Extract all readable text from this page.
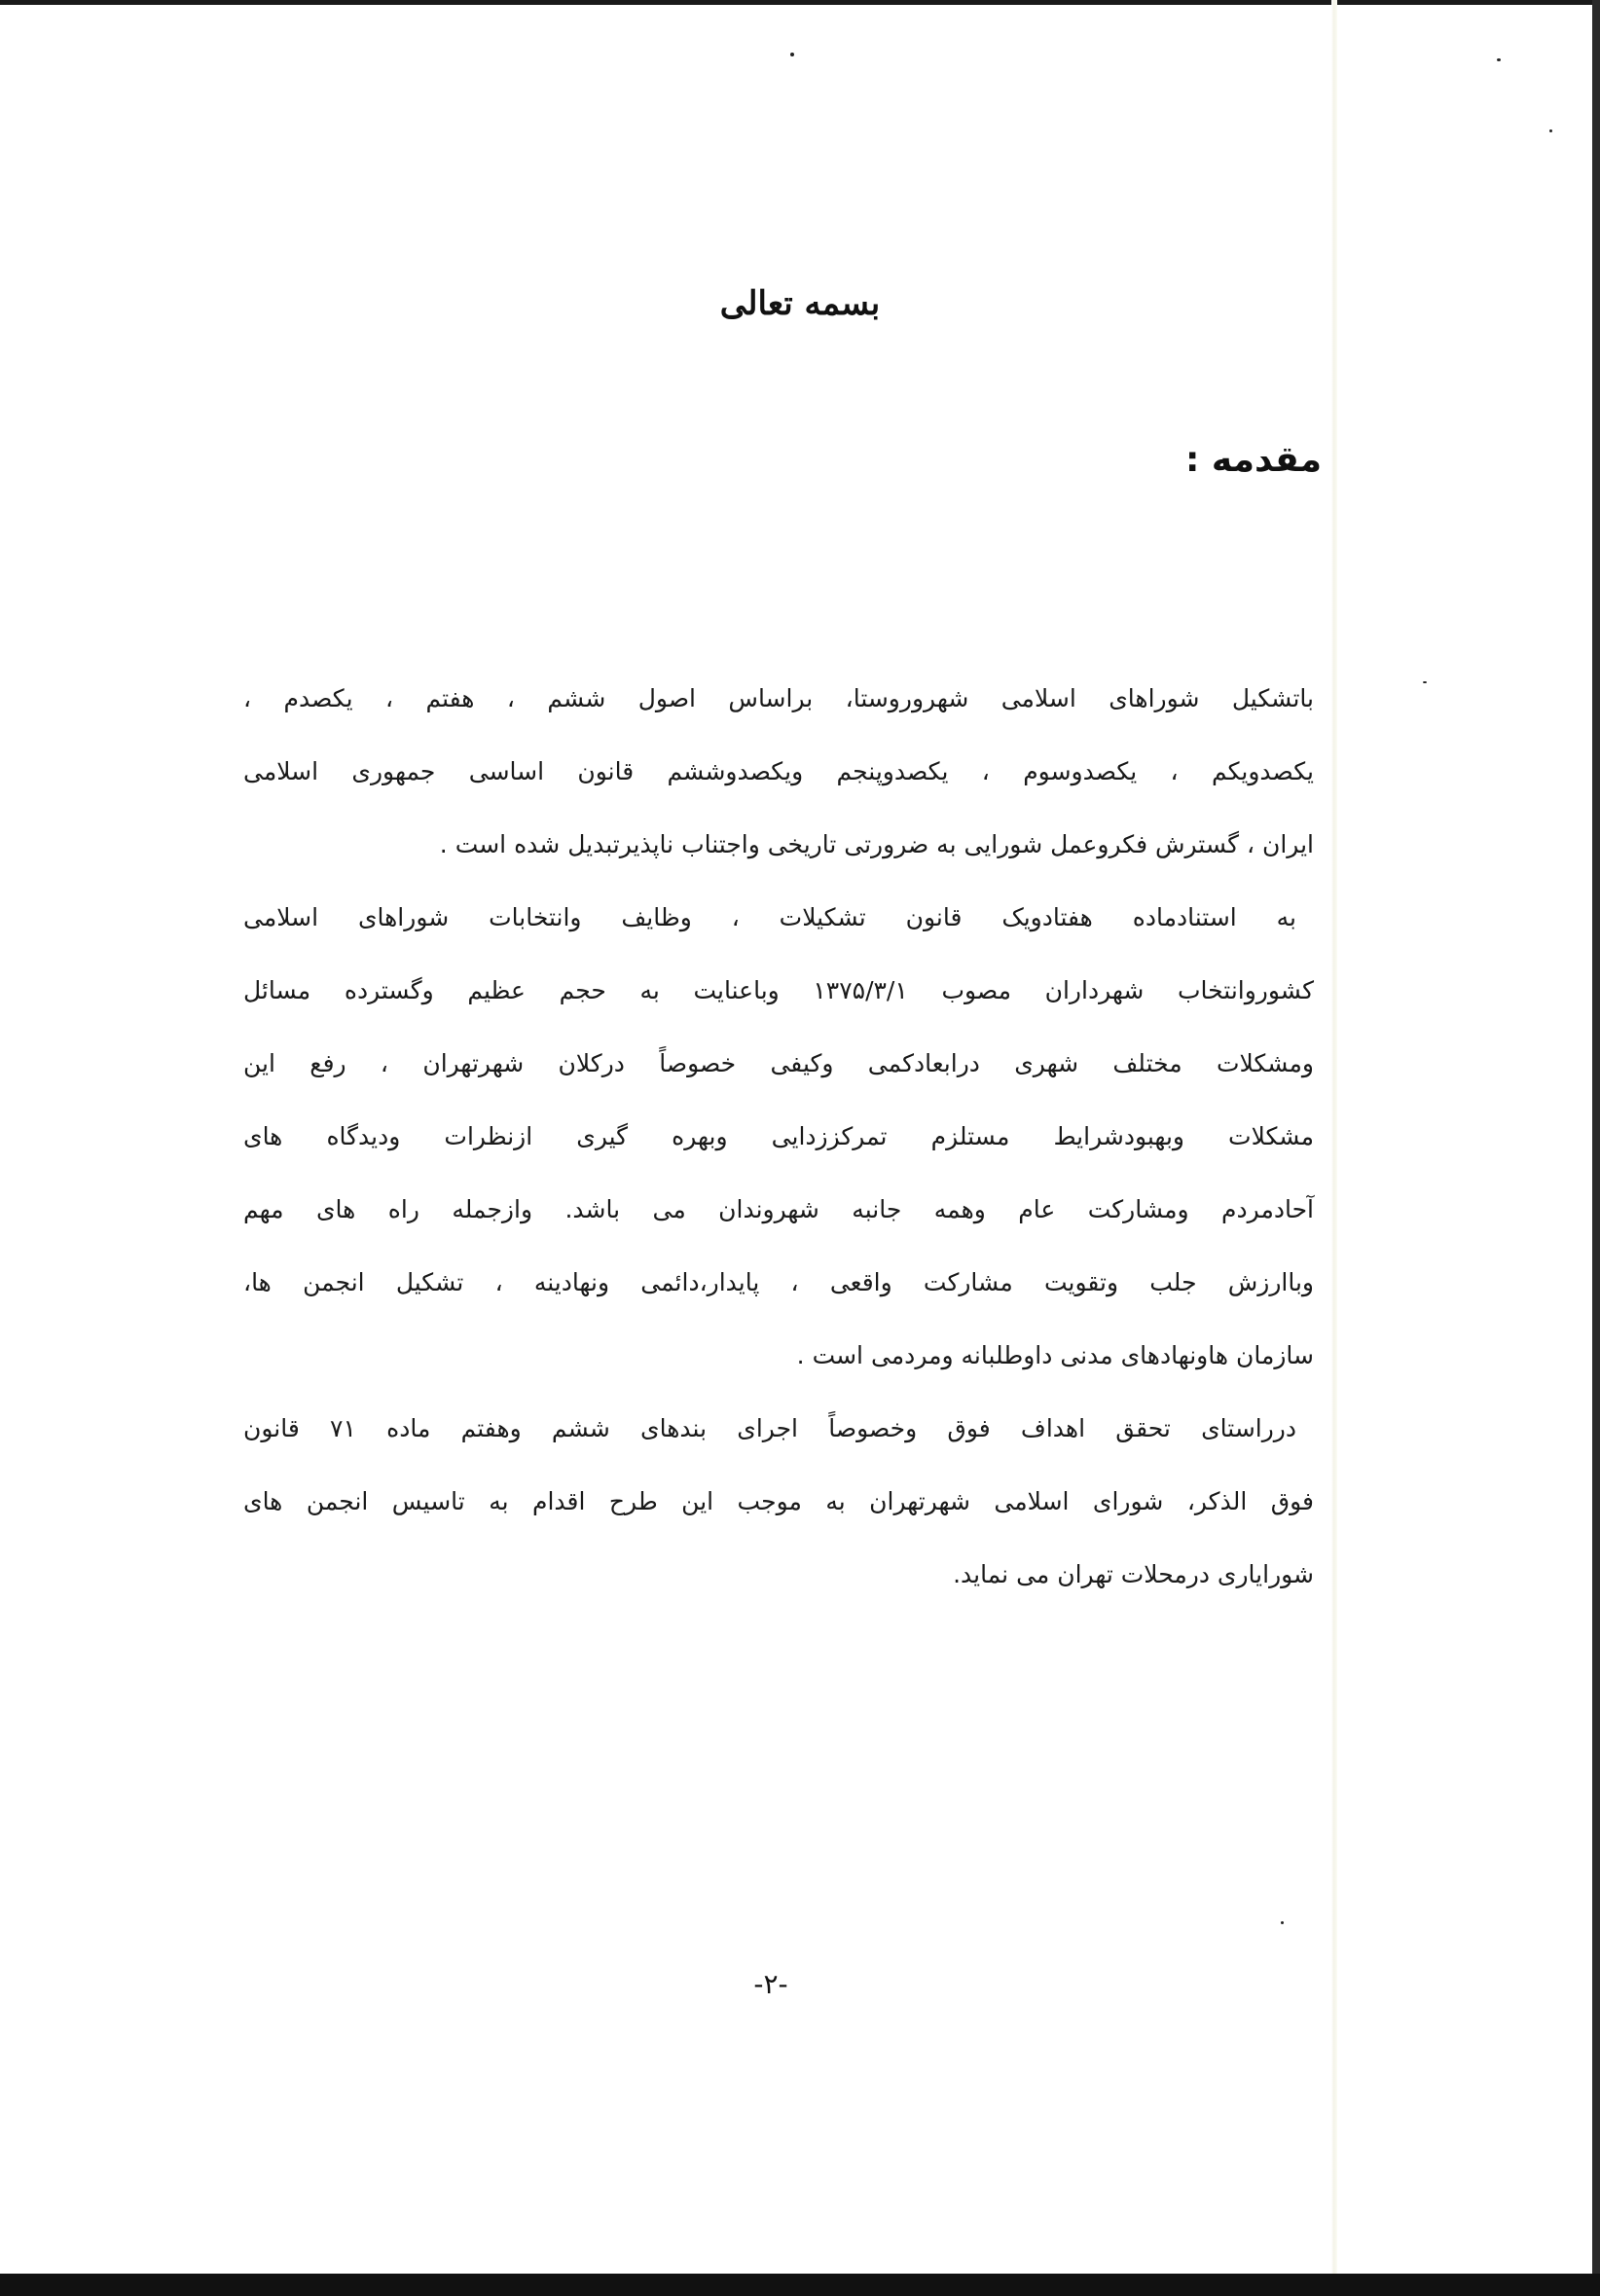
بسمه تعالی
مقدمه :
باتشکیل شوراهای اسلامی شهروروستا، براساس اصول ششم ، هفتم ، یکصدم ،
یکصدویکم ، یکصدوسوم ، یکصدوپنجم ویکصدوششم قانون اساسی جمهوری اسلامی
ایران ، گسترش فکروعمل شورایی به ضرورتی تاریخی واجتناب ناپذیرتبدیل شده است .
به استنادماده هفتادویک قانون تشکیلات ، وظایف وانتخابات شوراهای اسلامی
کشوروانتخاب شهرداران مصوب ۱۳۷۵/۳/۱ وباعنایت به حجم عظیم وگسترده مسائل
ومشکلات مختلف شهری درابعادکمی وکیفی خصوصاً درکلان شهرتهران ، رفع این
مشکلات وبهبودشرایط مستلزم تمرکززدایی وبهره گیری ازنظرات ودیدگاه های
آحادمردم ومشارکت عام وهمه جانبه شهروندان می باشد. وازجمله راه های مهم
وباارزش جلب وتقویت مشارکت واقعی ، پایدار،دائمی ونهادینه ، تشکیل انجمن ها،
سازمان هاونهادهای مدنی داوطلبانه ومردمی است .
درراستای تحقق اهداف فوق وخصوصاً اجرای بندهای ششم وهفتم ماده ۷۱ قانون
فوق الذکر، شورای اسلامی شهرتهران به موجب این طرح اقدام به تاسیس انجمن های
شورایاری درمحلات تهران می نماید.
-۲-
